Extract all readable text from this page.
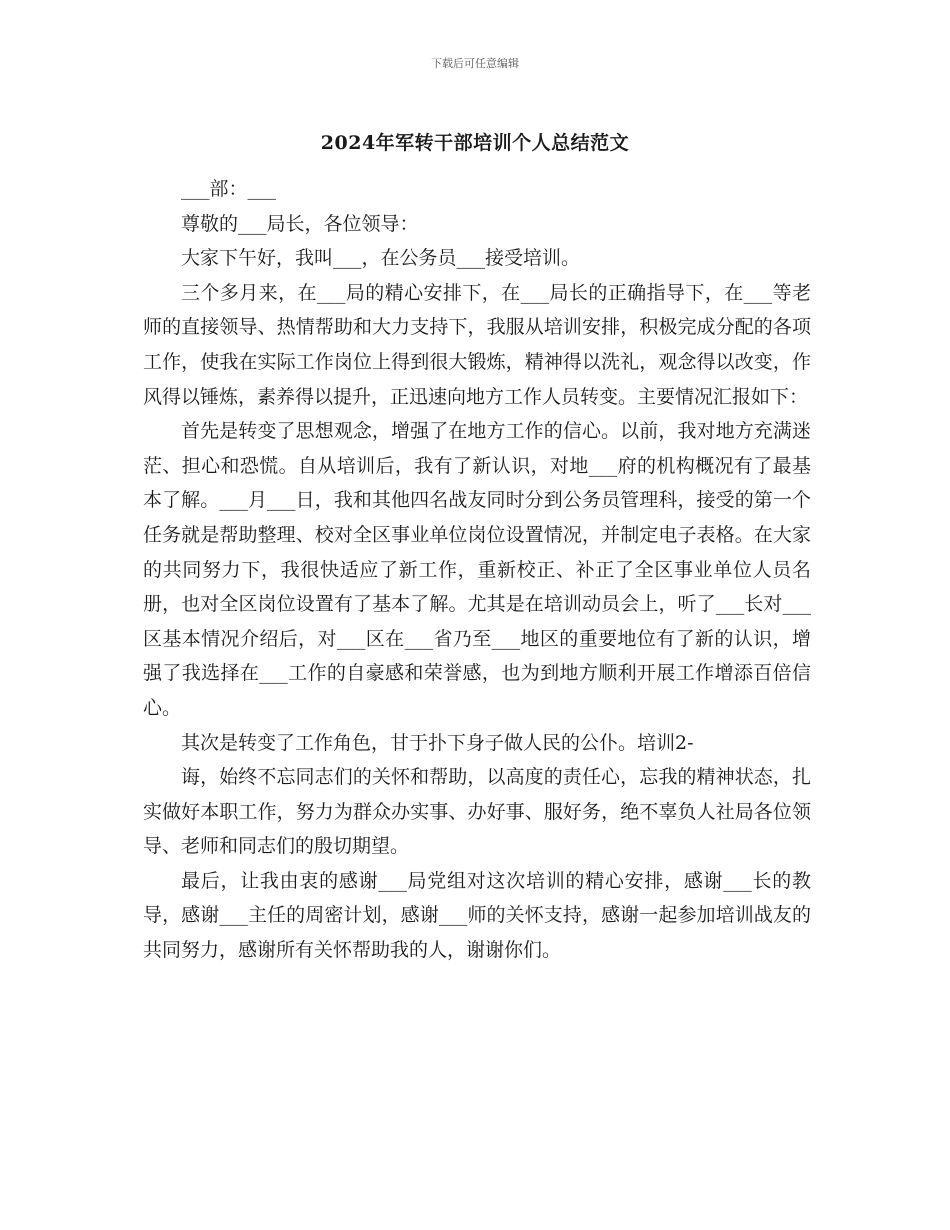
下载后可任意编辑
2024年军转干部培训个人总结范文

___部：___

尊敬的___局长，各位领导：

大家下午好，我叫___，在公务员___接受培训。

三个多月来，在___局的精心安排下，在___局长的正确指导下，在___等老师的直接领导、热情帮助和大力支持下，我服从培训安排，积极完成分配的各项工作，使我在实际工作岗位上得到很大锻炼，精神得以洗礼，观念得以改变，作风得以锤炼，素养得以提升，正迅速向地方工作人员转变。主要情况汇报如下：

首先是转变了思想观念，增强了在地方工作的信心。以前，我对地方充满迷茫、担心和恐慌。自从培训后，我有了新认识，对地___府的机构概况有了最基本了解。___月___日，我和其他四名战友同时分到公务员管理科，接受的第一个任务就是帮助整理、校对全区事业单位岗位设置情况，并制定电子表格。在大家的共同努力下，我很快适应了新工作，重新校正、补正了全区事业单位人员名册，也对全区岗位设置有了基本了解。尤其是在培训动员会上，听了___长对___区基本情况介绍后，对___区在___省乃至___地区的重要地位有了新的认识，增强了我选择在___工作的自豪感和荣誉感，也为到地方顺利开展工作增添百倍信心。

其次是转变了工作角色，甘于扑下身子做人民的公仆。培训2-

诲，始终不忘同志们的关怀和帮助，以高度的责任心，忘我的精神状态，扎实做好本职工作，努力为群众办实事、办好事、服好务，绝不辜负人社局各位领导、老师和同志们的殷切期望。

最后，让我由衷的感谢___局党组对这次培训的精心安排，感谢___长的教导，感谢___主任的周密计划，感谢___师的关怀支持，感谢一起参加培训战友的共同努力，感谢所有关怀帮助我的人，谢谢你们。
